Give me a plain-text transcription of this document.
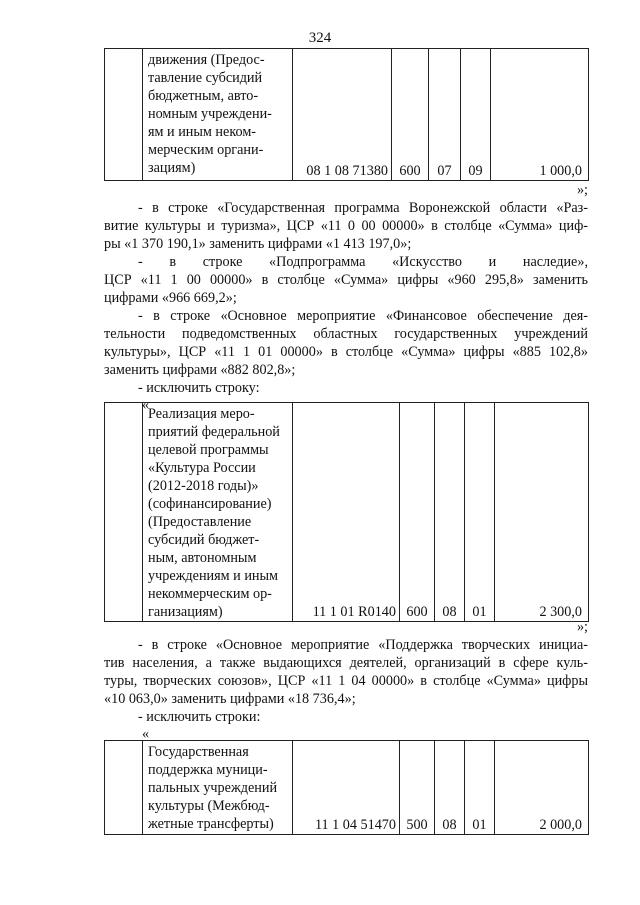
324

движения (Предос-
тавление субсидий
бюджетным, авто-
номным учреждени-
ям и иным неком-
мерческим органи-
зациям)	08 1 08 71380	600	07	09	1 000,0
»;
- в строке «Государственная программа Воронежской области «Раз-
витие культуры и туризма», ЦСР «11 0 00 00000» в столбце «Сумма» циф-
ры «1 370 190,1» заменить цифрами «1 413 197,0»;
- в строке «Подпрограмма «Искусство и наследие»,
ЦСР «11 1 00 00000» в столбце «Сумма» цифры «960 295,8» заменить
цифрами «966 669,2»;
- в строке «Основное мероприятие «Финансовое обеспечение дея-
тельности подведомственных областных государственных учреждений
культуры», ЦСР «11 1 01 00000» в столбце «Сумма» цифры «885 102,8»
заменить цифрами «882 802,8»;
- исключить строку:
«

Реализация меро-
приятий федеральной
целевой программы
«Культура России
(2012-2018 годы)»
(софинансирование)
(Предоставление
субсидий бюджет-
ным, автономным
учреждениям и иным
некоммерческим ор-
ганизациям)	11 1 01 R0140	600	08	01	2 300,0
»;
- в строке «Основное мероприятие «Поддержка творческих инициа-
тив населения, а также выдающихся деятелей, организаций в сфере куль-
туры, творческих союзов», ЦСР «11 1 04 00000» в столбце «Сумма» цифры
«10 063,0» заменить цифрами «18 736,4»;
- исключить строки:
«

Государственная
поддержка муници-
пальных учреждений
культуры (Межбюд-
жетные трансферты)	11 1 04 51470	500	08	01	2 000,0
